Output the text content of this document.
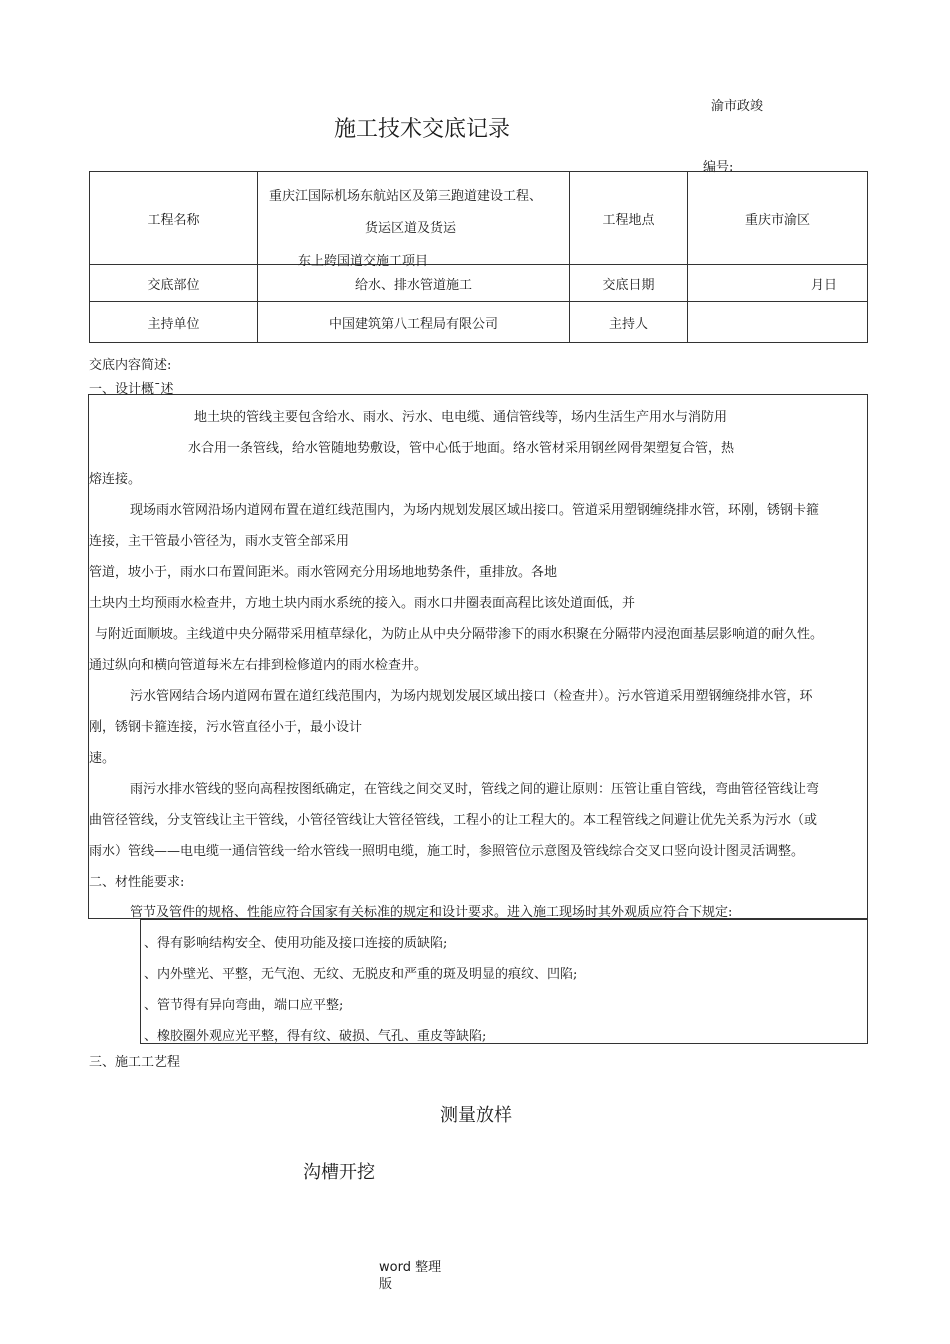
渝市政竣
施工技术交底记录
编号:
工程名称	重庆江国际机场东航站区及第三跑道建设工程、
货运区道及货运
东上跨国道交施工项目	工程地点	重庆市渝区
交底部位	给水、排水管道施工	交底日期	月日
主持单位	中国建筑第八工程局有限公司	主持人	
交底内容简述:
一、设计概¯述
地土块的管线主要包含给水、雨水、污水、电电缆、通信管线等，场内生活生产用水与消防用
水合用一条管线，给水管随地势敷设，管中心低于地面。络水管材采用钢丝网骨架塑复合管，热
熔连接。
现场雨水管网沿场内道网布置在道红线范围内，为场内规划发展区域出接口。管道采用塑钢缠绕排水管，环刚，锈钢卡箍
连接，主干管最小管径为，雨水支管全部采用
管道，坡小于，雨水口布置间距米。雨水管网充分用场地地势条件，重排放。各地
土块内土均预雨水检查井，方地土块内雨水系统的接入。雨水口井圈表面高程比该处道面低，并
与附近面顺坡。主线道中央分隔带采用植草绿化，为防止从中央分隔带渗下的雨水积聚在分隔带内浸泡面基层影响道的耐久性。
通过纵向和横向管道每米左右排到检修道内的雨水检查井。
污水管网结合场内道网布置在道红线范围内，为场内规划发展区域出接口（检查井）。污水管道采用塑钢缠绕排水管，环
刚，锈钢卡箍连接，污水管直径小于，最小设计
速。
雨污水排水管线的竖向高程按图纸确定，在管线之间交叉时，管线之间的避让原则：压管让重自管线，弯曲管径管线让弯
曲管径管线，分支管线让主干管线，小管径管线让大管径管线，工程小的让工程大的。本工程管线之间避让优先关系为污水（或
雨水）管线——电电缆一通信管线一给水管线一照明电缆，施工时，参照管位示意图及管线综合交叉口竖向设计图灵活调整。
二、材性能要求:
管节及管件的规格、性能应符合国家有关标准的规定和设计要求。进入施工现场时其外观质应符合下规定:
、得有影响结构安全、使用功能及接口连接的质缺陷;
、内外壁光、平整，无气泡、无纹、无脱皮和严重的斑及明显的痕纹、凹陷;
、管节得有异向弯曲，端口应平整;
、橡胶圈外观应光平整，得有纹、破损、气孔、重皮等缺陷;
三、施工工艺程
测量放样
沟槽开挖
word 整理
版
